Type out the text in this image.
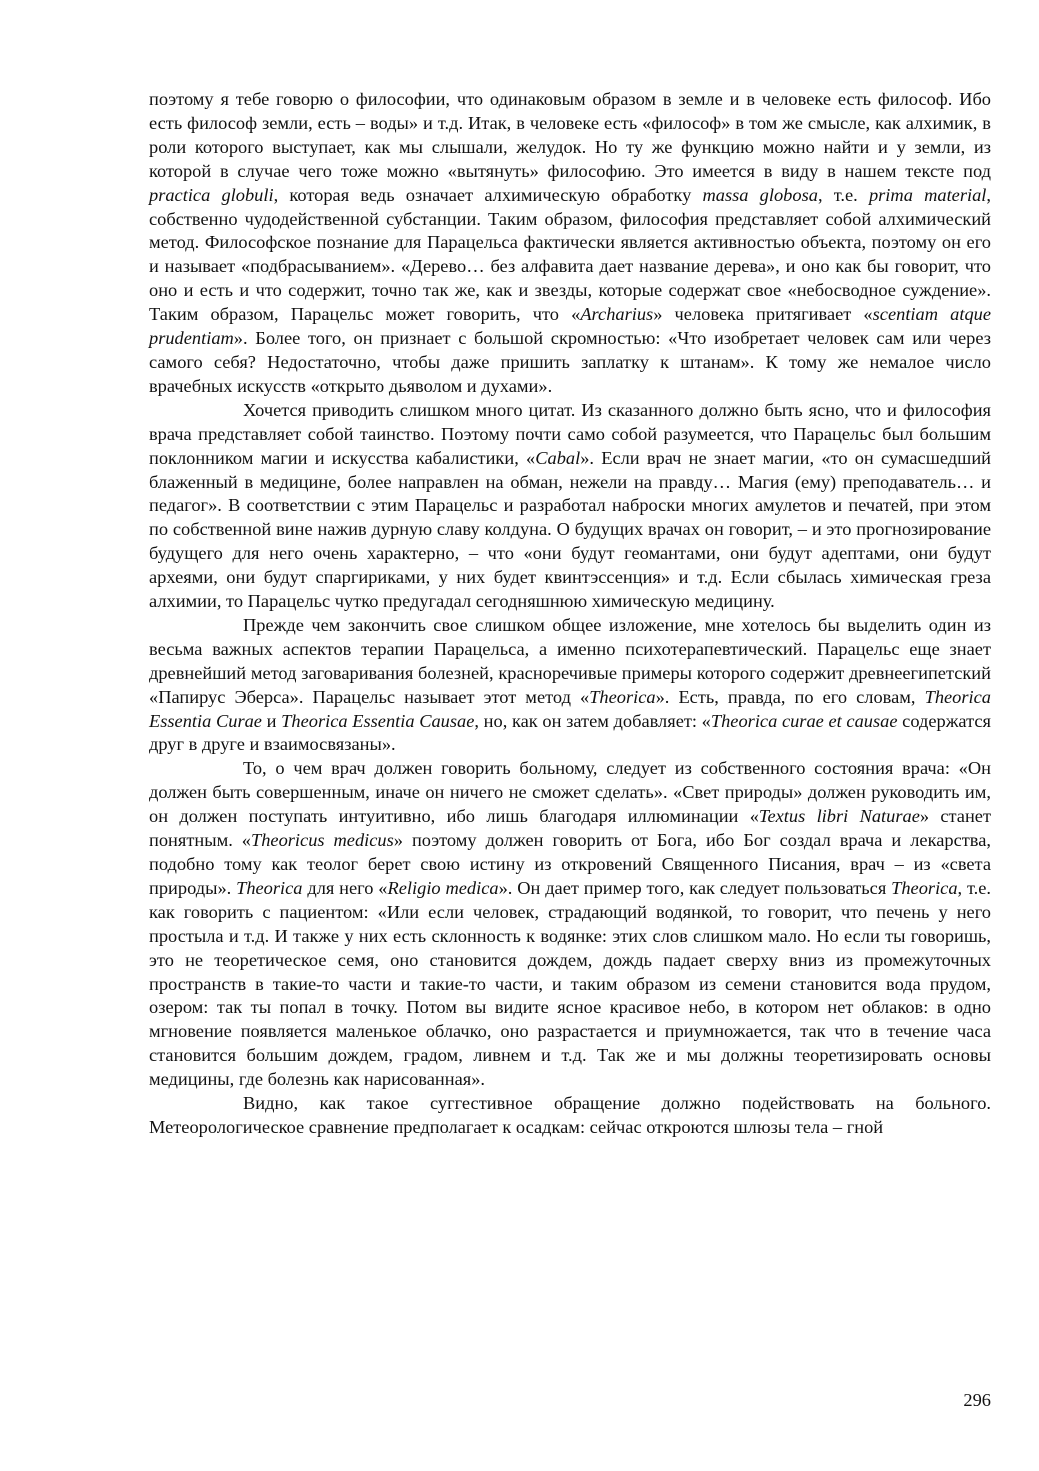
поэтому я тебе говорю о философии, что одинаковым образом в земле и в человеке есть философ. Ибо есть философ земли, есть – воды» и т.д. Итак, в человеке есть «философ» в том же смысле, как алхимик, в роли которого выступает, как мы слышали, желудок. Но ту же функцию можно найти и у земли, из которой в случае чего тоже можно «вытянуть» философию. Это имеется в виду в нашем тексте под practica globuli, которая ведь означает алхимическую обработку massa globosa, т.е. prima material, собственно чудодейственной субстанции. Таким образом, философия представляет собой алхимический метод. Философское познание для Парацельса фактически является активностью объекта, поэтому он его и называет «подбрасыванием». «Дерево… без алфавита дает название дерева», и оно как бы говорит, что оно и есть и что содержит, точно так же, как и звезды, которые содержат свое «небосводное суждение». Таким образом, Парацельс может говорить, что «Archarius» человека притягивает «scentiam atque prudentiam». Более того, он признает с большой скромностью: «Что изобретает человек сам или через самого себя? Недостаточно, чтобы даже пришить заплатку к штанам». К тому же немалое число врачебных искусств «открыто дьяволом и духами».

Хочется приводить слишком много цитат. Из сказанного должно быть ясно, что и философия врача представляет собой таинство. Поэтому почти само собой разумеется, что Парацельс был большим поклонником магии и искусства кабалистики, «Cabal». Если врач не знает магии, «то он сумасшедший блаженный в медицине, более направлен на обман, нежели на правду… Магия (ему) преподаватель… и педагог». В соответствии с этим Парацельс и разработал наброски многих амулетов и печатей, при этом по собственной вине нажив дурную славу колдуна. О будущих врачах он говорит, – и это прогнозирование будущего для него очень характерно, – что «они будут геомантами, они будут адептами, они будут археями, они будут спаргириками, у них будет квинтэссенция» и т.д. Если сбылась химическая греза алхимии, то Парацельс чутко предугадал сегодняшнюю химическую медицину.

Прежде чем закончить свое слишком общее изложение, мне хотелось бы выделить один из весьма важных аспектов терапии Парацельса, а именно психотерапевтический. Парацельс еще знает древнейший метод заговаривания болезней, красноречивые примеры которого содержит древнеегипетский «Папирус Эберса». Парацельс называет этот метод «Theorica». Есть, правда, по его словам, Theorica Essentia Curae и Theorica Essentia Causae, но, как он затем добавляет: «Theorica curae et causae содержатся друг в друге и взаимосвязаны».

То, о чем врач должен говорить больному, следует из собственного состояния врача: «Он должен быть совершенным, иначе он ничего не сможет сделать». «Свет природы» должен руководить им, он должен поступать интуитивно, ибо лишь благодаря иллюминации «Textus libri Naturae» станет понятным. «Theoricus medicus» поэтому должен говорить от Бога, ибо Бог создал врача и лекарства, подобно тому как теолог берет свою истину из откровений Священного Писания, врач – из «света природы». Theorica для него «Religio medica». Он дает пример того, как следует пользоваться Theorica, т.е. как говорить с пациентом: «Или если человек, страдающий водянкой, то говорит, что печень у него простыла и т.д. И также у них есть склонность к водянке: этих слов слишком мало. Но если ты говоришь, это не теоретическое семя, оно становится дождем, дождь падает сверху вниз из промежуточных пространств в такие-то части и такие-то части, и таким образом из семени становится вода прудом, озером: так ты попал в точку. Потом вы видите ясное красивое небо, в котором нет облаков: в одно мгновение появляется маленькое облачко, оно разрастается и приумножается, так что в течение часа становится большим дождем, градом, ливнем и т.д. Так же и мы должны теоретизировать основы медицины, где болезнь как нарисованная».

Видно, как такое суггестивное обращение должно подействовать на больного. Метеорологическое сравнение предполагает к осадкам: сейчас откроются шлюзы тела – гной

296
